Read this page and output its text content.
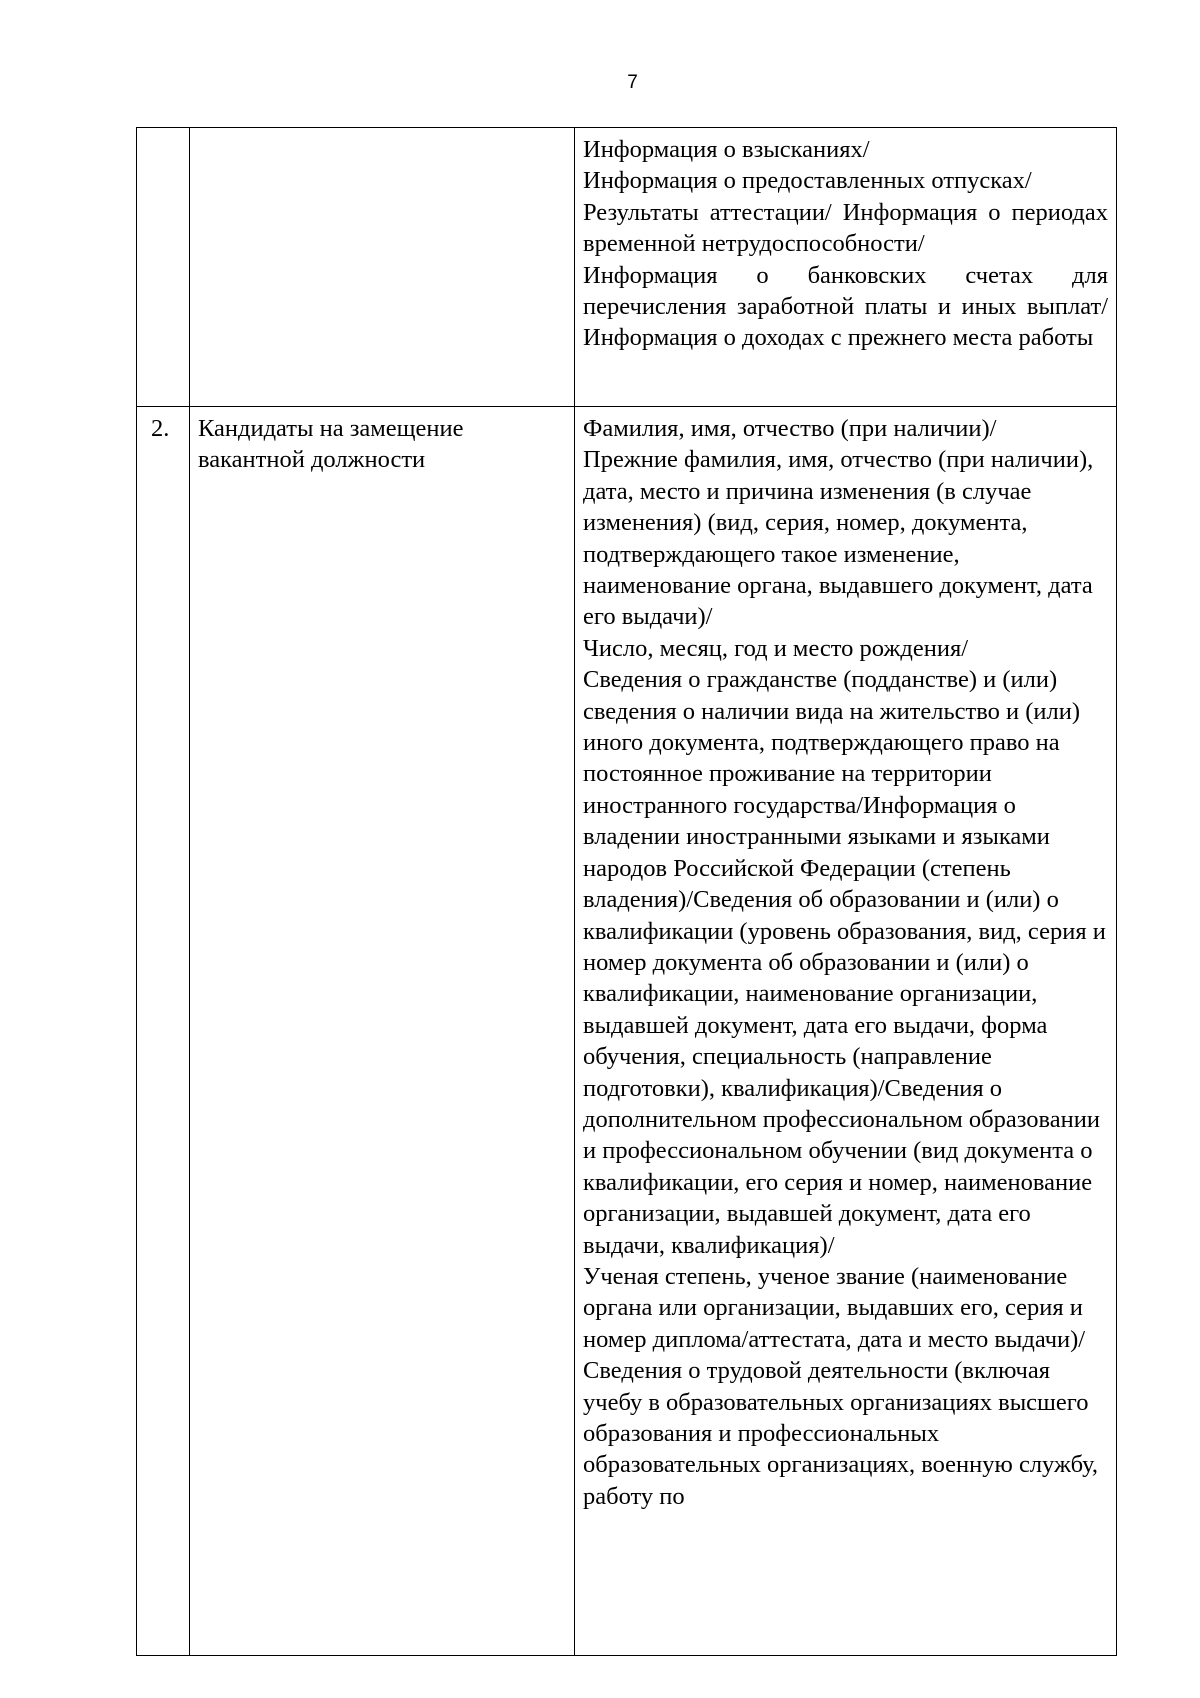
7

		Информация о взысканиях/
Информация о предоставленных отпусках/
Результаты аттестации/ Информация о периодах временной нетрудоспособности/
Информация о банковских счетах для перечисления заработной платы и иных выплат/Информация о доходах с прежнего места работы

2.	Кандидаты на замещение вакантной должности	Фамилия, имя, отчество (при наличии)/
Прежние фамилия, имя, отчество (при наличии), дата, место и причина изменения (в случае изменения) (вид, серия, номер, документа, подтверждающего такое изменение, наименование органа, выдавшего документ, дата его выдачи)/
Число, месяц, год и место рождения/
Сведения о гражданстве (подданстве) и (или) сведения о наличии вида на жительство и (или) иного документа, подтверждающего право на постоянное проживание на территории иностранного государства/Информация о владении иностранными языками и языками народов Российской Федерации (степень владения)/Сведения об образовании и (или) о квалификации (уровень образования, вид, серия и номер документа об образовании и (или) о квалификации, наименование организации, выдавшей документ, дата его выдачи, форма обучения, специальность (направление подготовки), квалификация)/Сведения о дополнительном профессиональном образовании и профессиональном обучении (вид документа о квалификации, его серия и номер, наименование организации, выдавшей документ, дата его выдачи, квалификация)/
Ученая степень, ученое звание (наименование органа или организации, выдавших его, серия и номер диплома/аттестата, дата и место выдачи)/Сведения о трудовой деятельности (включая учебу в образовательных организациях высшего образования и профессиональных образовательных организациях, военную службу, работу по
